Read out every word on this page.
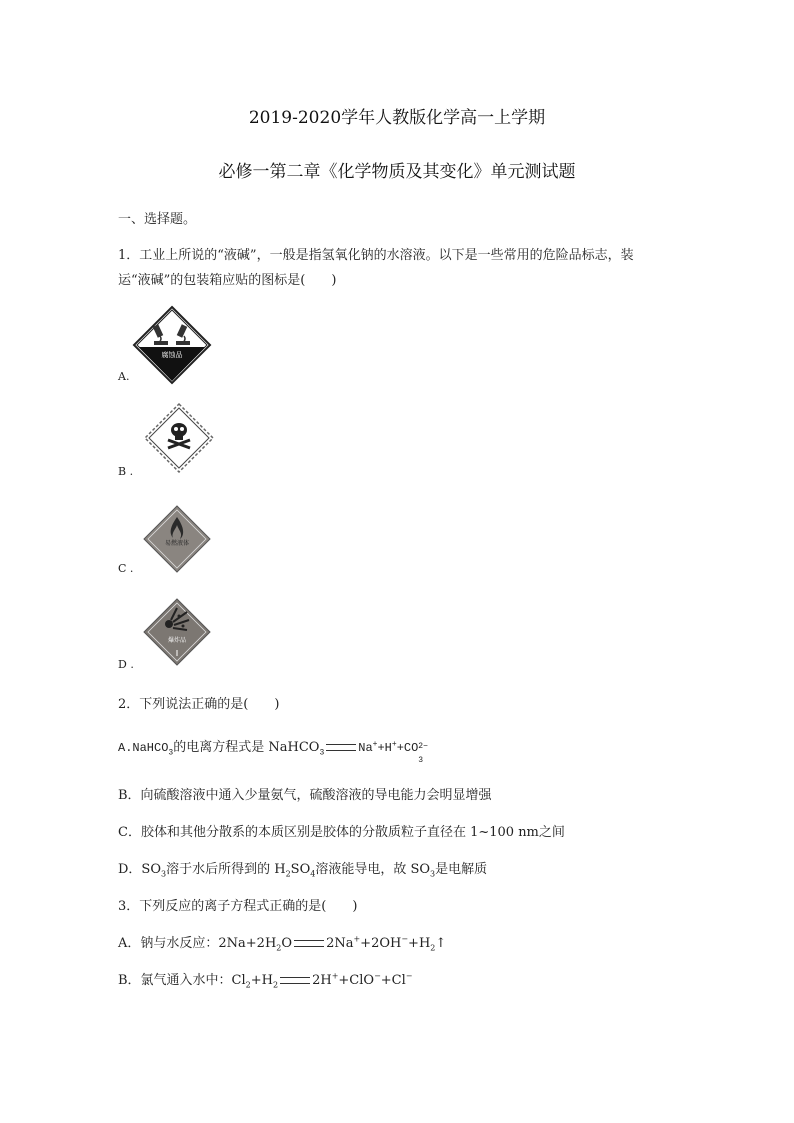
2019-2020学年人教版化学高一上学期
必修一第二章《化学物质及其变化》单元测试题
一、选择题。
1．工业上所说的“液碱”，一般是指氢氧化钠的水溶液。以下是一些常用的危险品标志，装
运“液碱”的包装箱应贴的图标是(　　)
腐蚀品
A.
B .
易燃液体
C .
爆炸品
D .
2．下列说法正确的是(　　)
A.NaHCO$_3$的电离方程式是 NaHCO$_3$	Na++H++CO 2−
3
B．向硫酸溶液中通入少量氨气，硫酸溶液的导电能力会明显增强
C．胶体和其他分散系的本质区别是胶体的分散质粒子直径在 1~100 nm之间
D．$SO_3$溶于水后所得到的 $H_2SO_4$溶液能导电，故 $SO_3$是电解质
3．下列反应的离子方程式正确的是(　　)
A．钠与水反应：$2Na+2H_2O$	$2Na^++2OH^-+H_2↑$
B．氯气通入水中：$Cl_2+H_2$	2H++ClO−+Cl−
